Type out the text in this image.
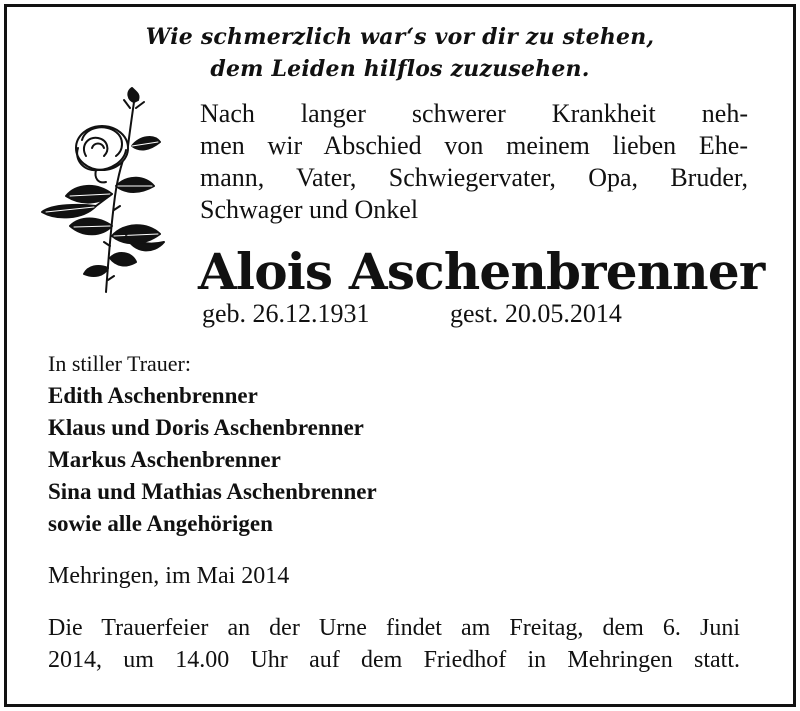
Wie schmerzlich war‘s vor dir zu stehen,
dem Leiden hilflos zuzusehen.
Nach langer schwerer Krankheit neh-
men wir Abschied von meinem lieben Ehe-
mann, Vater, Schwiegervater, Opa, Bruder,
Schwager und Onkel
Alois Aschenbrenner
geb. 26.12.1931	gest. 20.05.2014
In stiller Trauer:
Edith Aschenbrenner
Klaus und Doris Aschenbrenner
Markus Aschenbrenner
Sina und Mathias Aschenbrenner
sowie alle Angehörigen
Mehringen, im Mai 2014
Die Trauerfeier an der Urne findet am Freitag, dem 6. Juni
2014, um 14.00 Uhr auf dem Friedhof in Mehringen statt.
